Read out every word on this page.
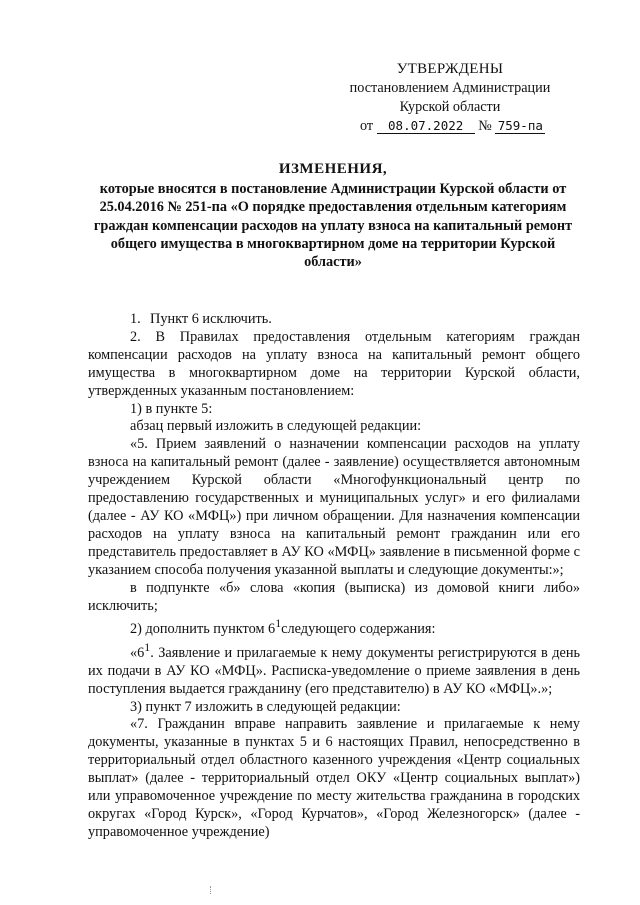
УТВЕРЖДЕНЫ
постановлением Администрации
Курской области
от 08.07.2022 № 759-па
ИЗМЕНЕНИЯ,
которые вносятся в постановление Администрации Курской области от 25.04.2016 № 251-па «О порядке предоставления отдельным категориям граждан компенсации расходов на уплату взноса на капитальный ремонт общего имущества в многоквартирном доме на территории Курской области»

1. Пункт 6 исключить.

2. В Правилах предоставления отдельным категориям граждан компенсации расходов на уплату взноса на капитальный ремонт общего имущества в многоквартирном доме на территории Курской области, утвержденных указанным постановлением:

1) в пункте 5:

абзац первый изложить в следующей редакции:

«5. Прием заявлений о назначении компенсации расходов на уплату взноса на капитальный ремонт (далее - заявление) осуществляется автономным учреждением Курской области «Многофункциональный центр по предоставлению государственных и муниципальных услуг» и его филиалами (далее - АУ КО «МФЦ») при личном обращении. Для назначения компенсации расходов на уплату взноса на капитальный ремонт гражданин или его представитель предоставляет в АУ КО «МФЦ» заявление в письменной форме с указанием способа получения указанной выплаты и следующие документы:»;

в подпункте «б» слова «копия (выписка) из домовой книги либо» исключить;

2) дополнить пунктом $6^1следующего$ содержания:

«$6^1$. Заявление и прилагаемые к нему документы регистрируются в день их подачи в АУ КО «МФЦ». Расписка-уведомление о приеме заявления в день поступления выдается гражданину (его представителю) в АУ КО «МФЦ».»;

3) пункт 7 изложить в следующей редакции:

«7. Гражданин вправе направить заявление и прилагаемые к нему документы, указанные в пунктах 5 и 6 настоящих Правил, непосредственно в территориальный отдел областного казенного учреждения «Центр социальных выплат» (далее - территориальный отдел ОКУ «Центр социальных выплат») или управомоченное учреждение по месту жительства гражданина в городских округах «Город Курск», «Город Курчатов», «Город Железногорск» (далее - управомоченное учреждение)
